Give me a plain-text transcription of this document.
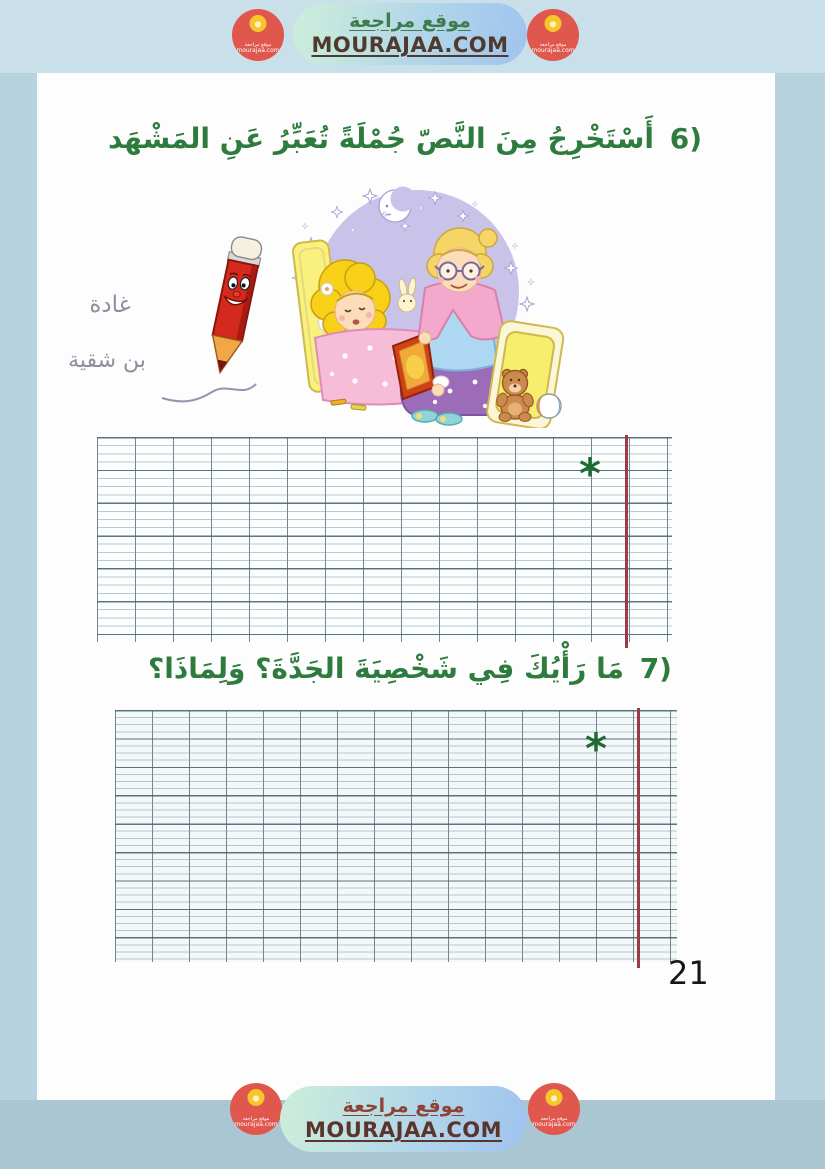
موقع مراجعة
mourajaa.com
موقع مراجعة
MOURAJAA.COM	موقع مراجعة
mourajaa.com
6) أَسْتَخْرِجُ مِنَ النَّصّ جُمْلَةً تُعَبِّرُ عَنِ المَشْهَد
غادة
بن شقية
*
7) مَا رَأْيُكَ فِي شَخْصِيَةَ الجَدَّةَ؟ وَلِمَاذَا؟
*
21
موقع مراجعة
mourajaa.com
موقع مراجعة
MOURAJAA.COM	موقع مراجعة
mourajaa.com
